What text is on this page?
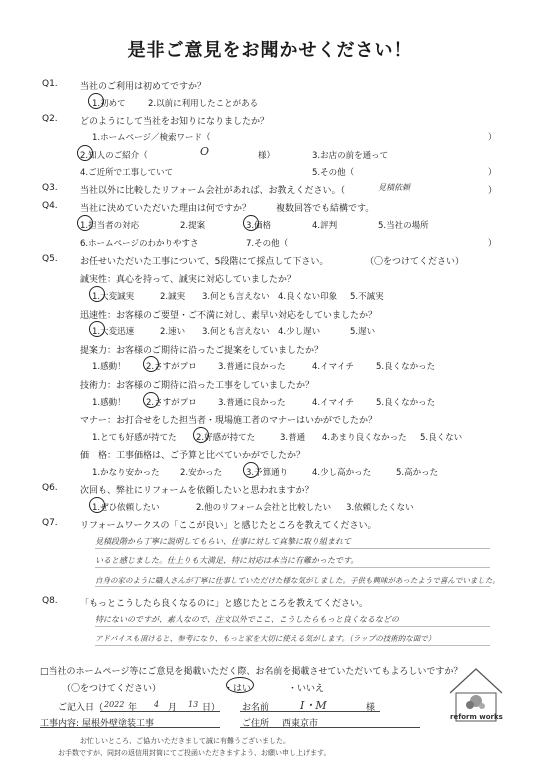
是非ご意見をお聞かせください！
Q1. 当社のご利用は初めてですか？
1.初めて	2.以前に利用したことがある
Q2. どのようにして当社をお知りになりましたか？
1.ホームページ／検索ワード（	）
2.知人のご紹介（	O	様）	3.お店の前を通って
4.ご近所で工事していて	5.その他（	）
Q3. 当社以外に比較したリフォーム会社があれば、お教えください。（	見積依頼	）
Q4. 当社に決めていただいた理由は何ですか？	複数回答でも結構です。
1.担当者の対応	2.提案	3.価格	4.評判	5.当社の場所
6.ホームページのわかりやすさ	7.その他（	）
Q5. お任せいただいた工事について、5段階にて採点して下さい。	（〇をつけてください）
誠実性：真心を持って、誠実に対応していましたか？
1.大変誠実	2.誠実 3.何とも言えない 4.良くない印象 5.不誠実
迅速性：お客様のご要望・ご不満に対し、素早い対応をしていましたか？
1.大変迅速	2.速い 3.何とも言えない 4.少し遅い	5.遅い
提案力：お客様のご期待に沿ったご提案をしていましたか？
1.感動！ 2.さすがプロ	3.普通に良かった	4.イマイチ	5.良くなかった
技術力：お客様のご期待に沿った工事をしていましたか？
1.感動！ 2.さすがプロ	3.普通に良かった	4.イマイチ	5.良くなかった
マナー：お打合せをした担当者・現場施工者のマナーはいかがでしたか？
1.とても好感が持てた 2.好感が持てた	3.普通 4.あまり良くなかった 5.良くない
価　格：工事価格は、ご予算と比べていかがでしたか？
1.かなり安かった 2.安かった	3.予算通り	4.少し高かった	5.高かった
Q6. 次回も、弊社にリフォームを依頼したいと思われますか？
1.ぜひ依頼したい	2.他のリフォーム会社と比較したい 3.依頼したくない
Q7. リフォームワークスの「ここが良い」と感じたところを教えてください。
見積段階から丁寧に説明してもらい、仕事に対して真摯に取り組まれて
いると感じました。仕上りも大満足、特に対応は本当に有難かったです。
自身の家のように職人さんが丁寧に仕事していただけた様な気がしました。子供も興味があったようで喜んでいました。
Q8. 「もっとこうしたら良くなるのに」と感じたところを教えてください。
特にないのですが、素人なので、注文以外でここ、こうしたらもっと良くなるなどの
アドバイスも頂けると、参考になり、もっと家を大切に使える気がします。（ラップの技術的な面で）
□当社のホームページ等にご意見を掲載いただく際、お名前を掲載させていただいてもよろしいですか？
（〇をつけてください）	・はい	・いいえ
ご記入日（ 2022 年 4 月 13 日） お名前	I・M	様
工事内容: 屋根外壁塗装工事	ご住所 西東京市
お忙しいところ、ご協力いただきまして誠に有難うございました。
お手数ですが、同封の返信用封筒にてご投函いただきますよう、お願い申し上げます。
reform works
